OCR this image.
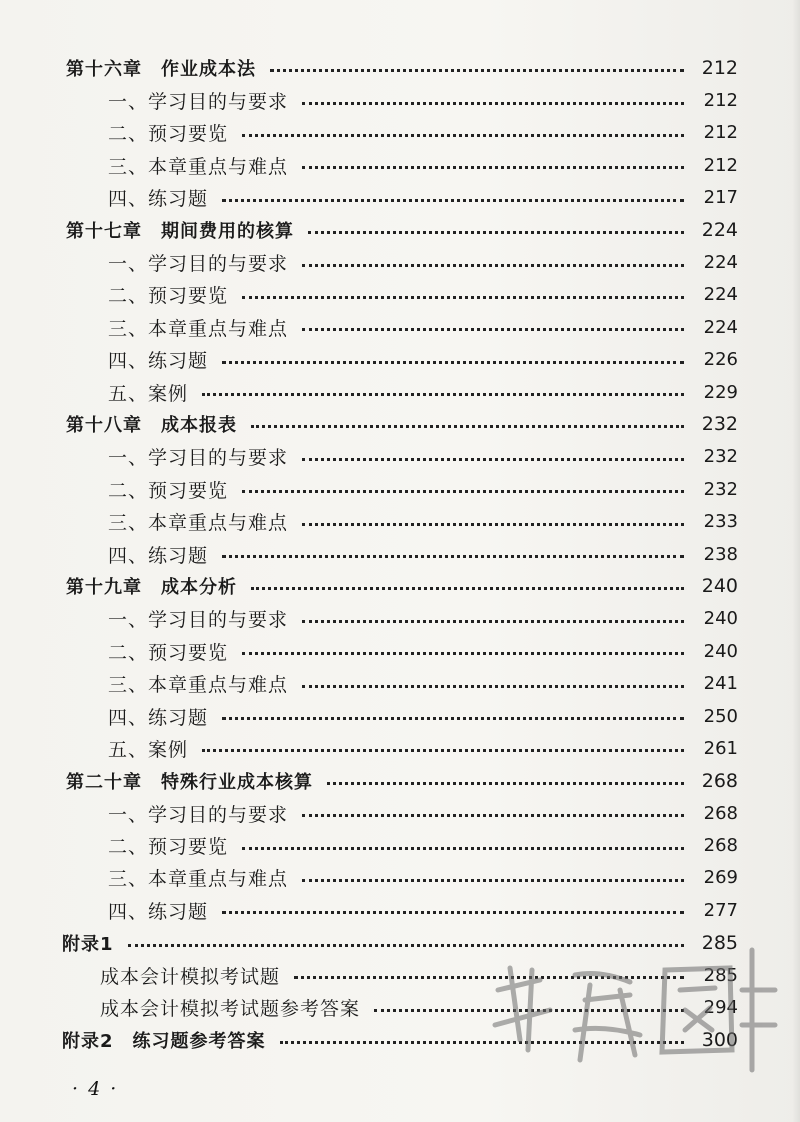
第十六章　作业成本法	212
一、学习目的与要求	212
二、预习要览	212
三、本章重点与难点	212
四、练习题	217
第十七章　期间费用的核算	224
一、学习目的与要求	224
二、预习要览	224
三、本章重点与难点	224
四、练习题	226
五、案例	229
第十八章　成本报表	232
一、学习目的与要求	232
二、预习要览	232
三、本章重点与难点	233
四、练习题	238
第十九章　成本分析	240
一、学习目的与要求	240
二、预习要览	240
三、本章重点与难点	241
四、练习题	250
五、案例	261
第二十章　特殊行业成本核算	268
一、学习目的与要求	268
二、预习要览	268
三、本章重点与难点	269
四、练习题	277
附录1	285
成本会计模拟考试题	285
成本会计模拟考试题参考答案	294
附录2　练习题参考答案	300
· 4 ·
